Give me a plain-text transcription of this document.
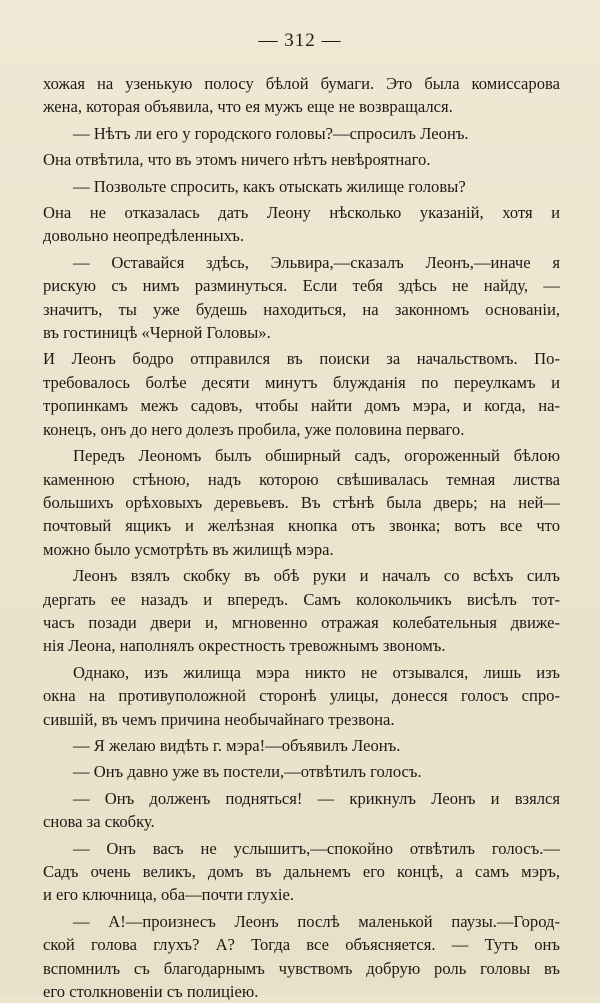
— 312 —

хожая на узенькую полосу бѣлой бумаги. Это была комиссарова

жена, которая объявила, что ея мужъ еще не возвращался.

— Нѣтъ ли его у городского головы?—спросилъ Леонъ.

Она отвѣтила, что въ этомъ ничего нѣтъ невѣроятнаго.

— Позвольте спросить, какъ отыскать жилище головы?

Она не отказалась дать Леону нѣсколько указаній, хотя и

довольно неопредѣленныхъ.

— Оставайся здѣсь, Эльвира,—сказалъ Леонъ,—иначе я

рискую съ нимъ разминуться. Если тебя здѣсь не найду, —

значитъ, ты уже будешь находиться, на законномъ основаніи,

въ гостиницѣ «Черной Головы».

И Леонъ бодро отправился въ поиски за начальствомъ. По-

требовалось болѣе десяти минутъ блужданія по переулкамъ и

тропинкамъ межъ садовъ, чтобы найти домъ мэра, и когда, на-

конецъ, онъ до него долезъ пробила, уже половина перваго.

Передъ Леономъ былъ обширный садъ, огороженный бѣлою

каменною стѣною, надъ которою свѣшивалась темная листва

большихъ орѣховыхъ деревьевъ. Въ стѣнѣ была дверь; на ней—

почтовый ящикъ и желѣзная кнопка отъ звонка; вотъ все что

можно было усмотрѣть въ жилищѣ мэра.

Леонъ взялъ скобку въ обѣ руки и началъ со всѣхъ силъ

дергать ее назадъ и впередъ. Самъ колокольчикъ висѣлъ тот-

часъ позади двери и, мгновенно отражая колебательныя движе-

нія Леона, наполнялъ окрестность тревожнымъ звономъ.

Однако, изъ жилища мэра никто не отзывался, лишь изъ

окна на противуположной сторонѣ улицы, донесся голосъ спро-

сившій, въ чемъ причина необычайнаго трезвона.

— Я желаю видѣть г. мэра!—объявилъ Леонъ.

— Онъ давно уже въ постели,—отвѣтилъ голосъ.

— Онъ долженъ подняться! — крикнулъ Леонъ и взялся

снова за скобку.

— Онъ васъ не услышитъ,—спокойно отвѣтилъ голосъ.—

Садъ очень великъ, домъ въ дальнемъ его концѣ, а самъ мэръ,

и его ключница, оба—почти глухіе.

— А!—произнесъ Леонъ послѣ маленькой паузы.—Город-

ской голова глухъ? А? Тогда все объясняется. — Тутъ онъ

вспомнилъ съ благодарнымъ чувствомъ добрую роль головы въ

его столкновеніи съ полиціею.
